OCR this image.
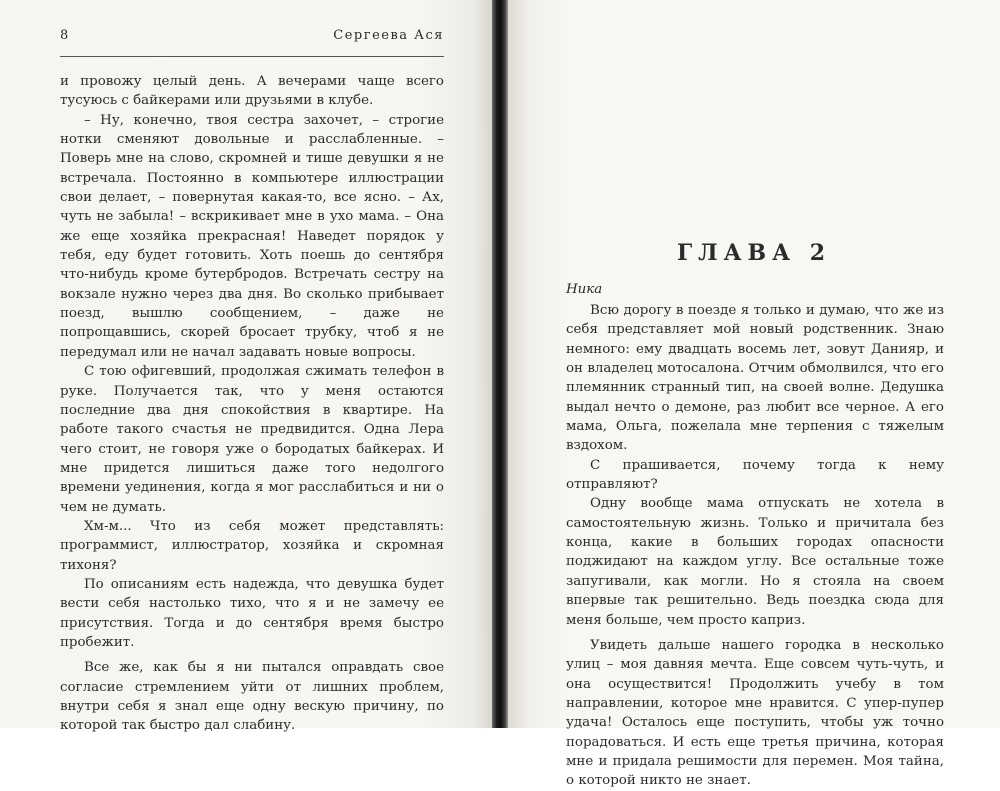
8	Сергеева Ася

и провожу целый день. А вечерами чаще всего тусуюсь с байкерами или друзьями в клубе.

– Ну, конечно, твоя сестра захочет, – строгие нотки сменяют довольные и расслабленные. – Поверь мне на слово, скромней и тише девушки я не встречала. Постоянно в компьютере иллюстрации свои делает, – повернутая какая-то, все ясно. – Ах, чуть не забыла! – вскрикивает мне в ухо мама. – Она же еще хозяйка прекрасная! Наведет порядок у тебя, еду будет готовить. Хоть поешь до сентября что-нибудь кроме бутербродов. Встречать сестру на вокзале нужно через два дня. Во сколько прибывает поезд, вышлю сообщением, – даже не попрощавшись, скорей бросает трубку, чтоб я не передумал или не начал задавать новые вопросы.

С тою офигевший, продолжая сжимать телефон в руке. Получается так, что у меня остаются последние два дня спокойствия в квартире. На работе такого счастья не предвидится. Одна Лера чего стоит, не говоря уже о бородатых байкерах. И мне придется лишиться даже того недолгого времени уединения, когда я мог расслабиться и ни о чем не думать.

Хм-м... Что из себя может представлять: программист, иллюстратор, хозяйка и скромная тихоня?

По описаниям есть надежда, что девушка будет вести себя настолько тихо, что я и не замечу ее присутствия. Тогда и до сентября время быстро пробежит.

Все же, как бы я ни пытался оправдать свое согласие стремлением уйти от лишних проблем, внутри себя я знал еще одну вескую причину, по которой так быстро дал слабину.

ГЛАВА 2
Ника

Всю дорогу в поезде я только и думаю, что же из себя представляет мой новый родственник. Знаю немного: ему двадцать восемь лет, зовут Данияр, и он владелец мотосалона. Отчим обмолвился, что его племянник странный тип, на своей волне. Дедушка выдал нечто о демоне, раз любит все черное. А его мама, Ольга, пожелала мне терпения с тяжелым вздохом.

С прашивается, почему тогда к нему отправляют?

Одну вообще мама отпускать не хотела в самостоятельную жизнь. Только и причитала без конца, какие в больших городах опасности поджидают на каждом углу. Все остальные тоже запугивали, как могли. Но я стояла на своем впервые так решительно. Ведь поездка сюда для меня больше, чем просто каприз.

Увидеть дальше нашего городка в несколько улиц – моя давняя мечта. Еще совсем чуть-чуть, и она осуществится! Продолжить учебу в том направлении, которое мне нравится. С упер-пупер удача! Осталось еще поступить, чтобы уж точно порадоваться. И есть еще третья причина, которая мне и придала решимости для перемен. Моя тайна, о которой никто не знает.
